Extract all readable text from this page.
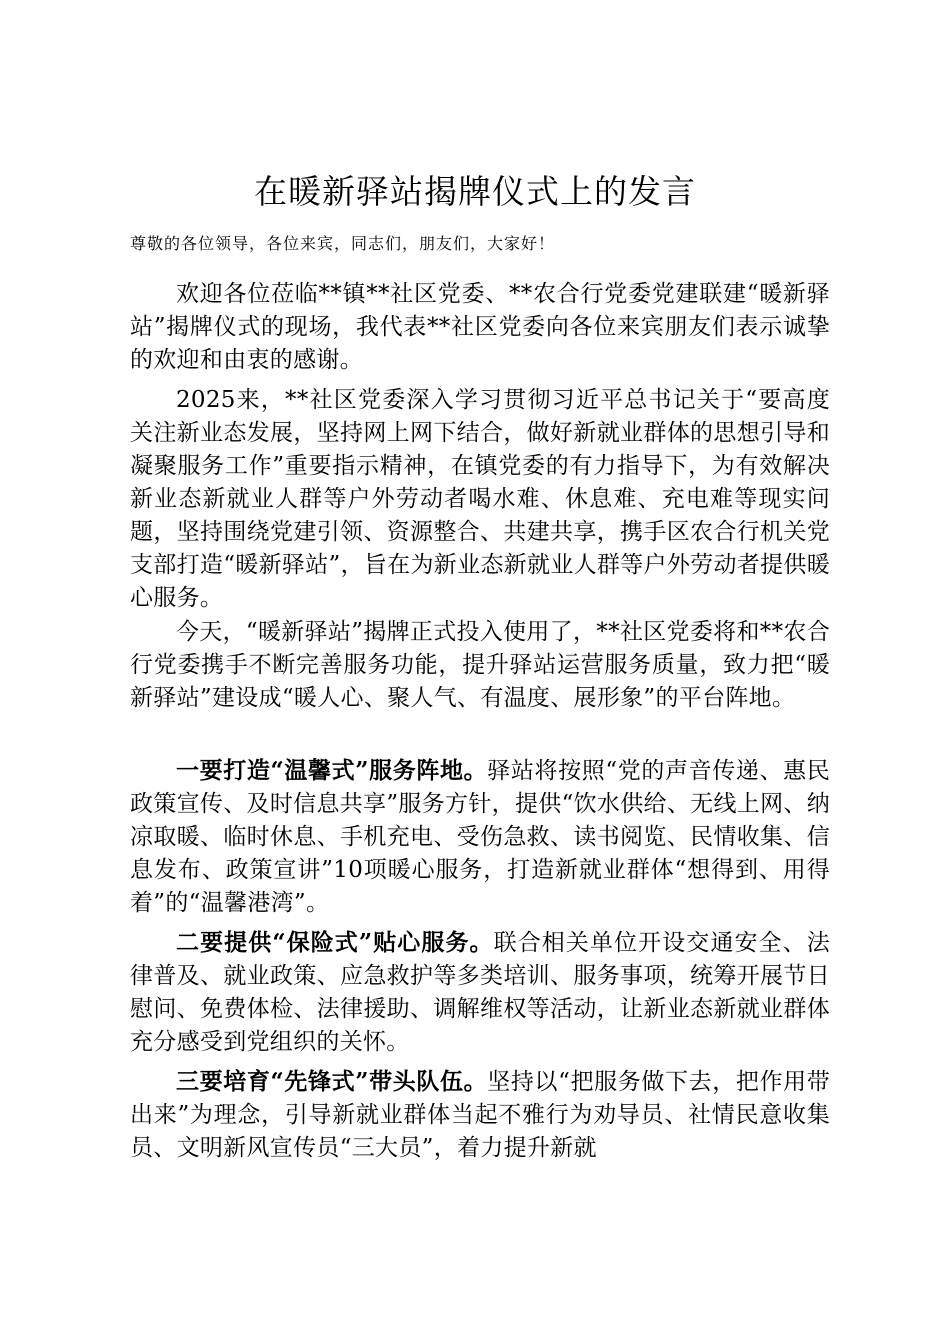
在暖新驿站揭牌仪式上的发言

尊敬的各位领导，各位来宾，同志们，朋友们，大家好！

欢迎各位莅临**镇**社区党委、**农合行党委党建联建“暖新驿站”揭牌仪式的现场，我代表**社区党委向各位来宾朋友们表示诚挚的欢迎和由衷的感谢。

2025来，**社区党委深入学习贯彻习近平总书记关于“要高度关注新业态发展，坚持网上网下结合，做好新就业群体的思想引导和凝聚服务工作”重要指示精神，在镇党委的有力指导下，为有效解决新业态新就业人群等户外劳动者喝水难、休息难、充电难等现实问题，坚持围绕党建引领、资源整合、共建共享，携手区农合行机关党支部打造“暖新驿站”，旨在为新业态新就业人群等户外劳动者提供暖心服务。

今天，“暖新驿站”揭牌正式投入使用了，**社区党委将和**农合行党委携手不断完善服务功能，提升驿站运营服务质量，致力把“暖新驿站”建设成“暖人心、聚人气、有温度、展形象”的平台阵地。

一要打造“温馨式”服务阵地。驿站将按照“党的声音传递、惠民政策宣传、及时信息共享”服务方针，提供“饮水供给、无线上网、纳凉取暖、临时休息、手机充电、受伤急救、读书阅览、民情收集、信息发布、政策宣讲”10项暖心服务，打造新就业群体“想得到、用得着”的“温馨港湾”。

二要提供“保险式”贴心服务。联合相关单位开设交通安全、法律普及、就业政策、应急救护等多类培训、服务事项，统筹开展节日慰问、免费体检、法律援助、调解维权等活动，让新业态新就业群体充分感受到党组织的关怀。

三要培育“先锋式”带头队伍。坚持以“把服务做下去，把作用带出来”为理念，引导新就业群体当起不雅行为劝导员、社情民意收集员、文明新风宣传员“三大员”，着力提升新就
